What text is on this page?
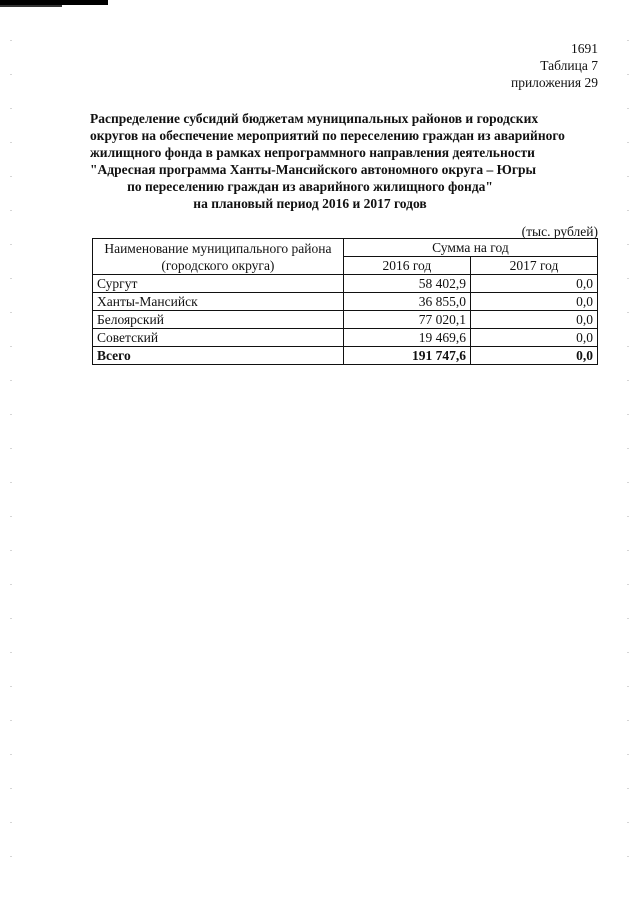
1691
Таблица 7
приложения 29
Распределение субсидий бюджетам муниципальных районов и городских
округов на обеспечение мероприятий по переселению граждан из аварийного
жилищного фонда в рамках непрограммного направления деятельности
"Адресная программа Ханты-Мансийского автономного округа – Югры
по переселению граждан из аварийного жилищного фонда"
на плановый период 2016 и 2017 годов
(тыс. рублей)
Наименование муниципального района
(городского округа)	Сумма на год	
	2016 год	2017 год
Сургут	58 402,9	0,0
Ханты-Мансийск	36 855,0	0,0
Белоярский	77 020,1	0,0
Советский	19 469,6	0,0
Всего	191 747,6	0,0
